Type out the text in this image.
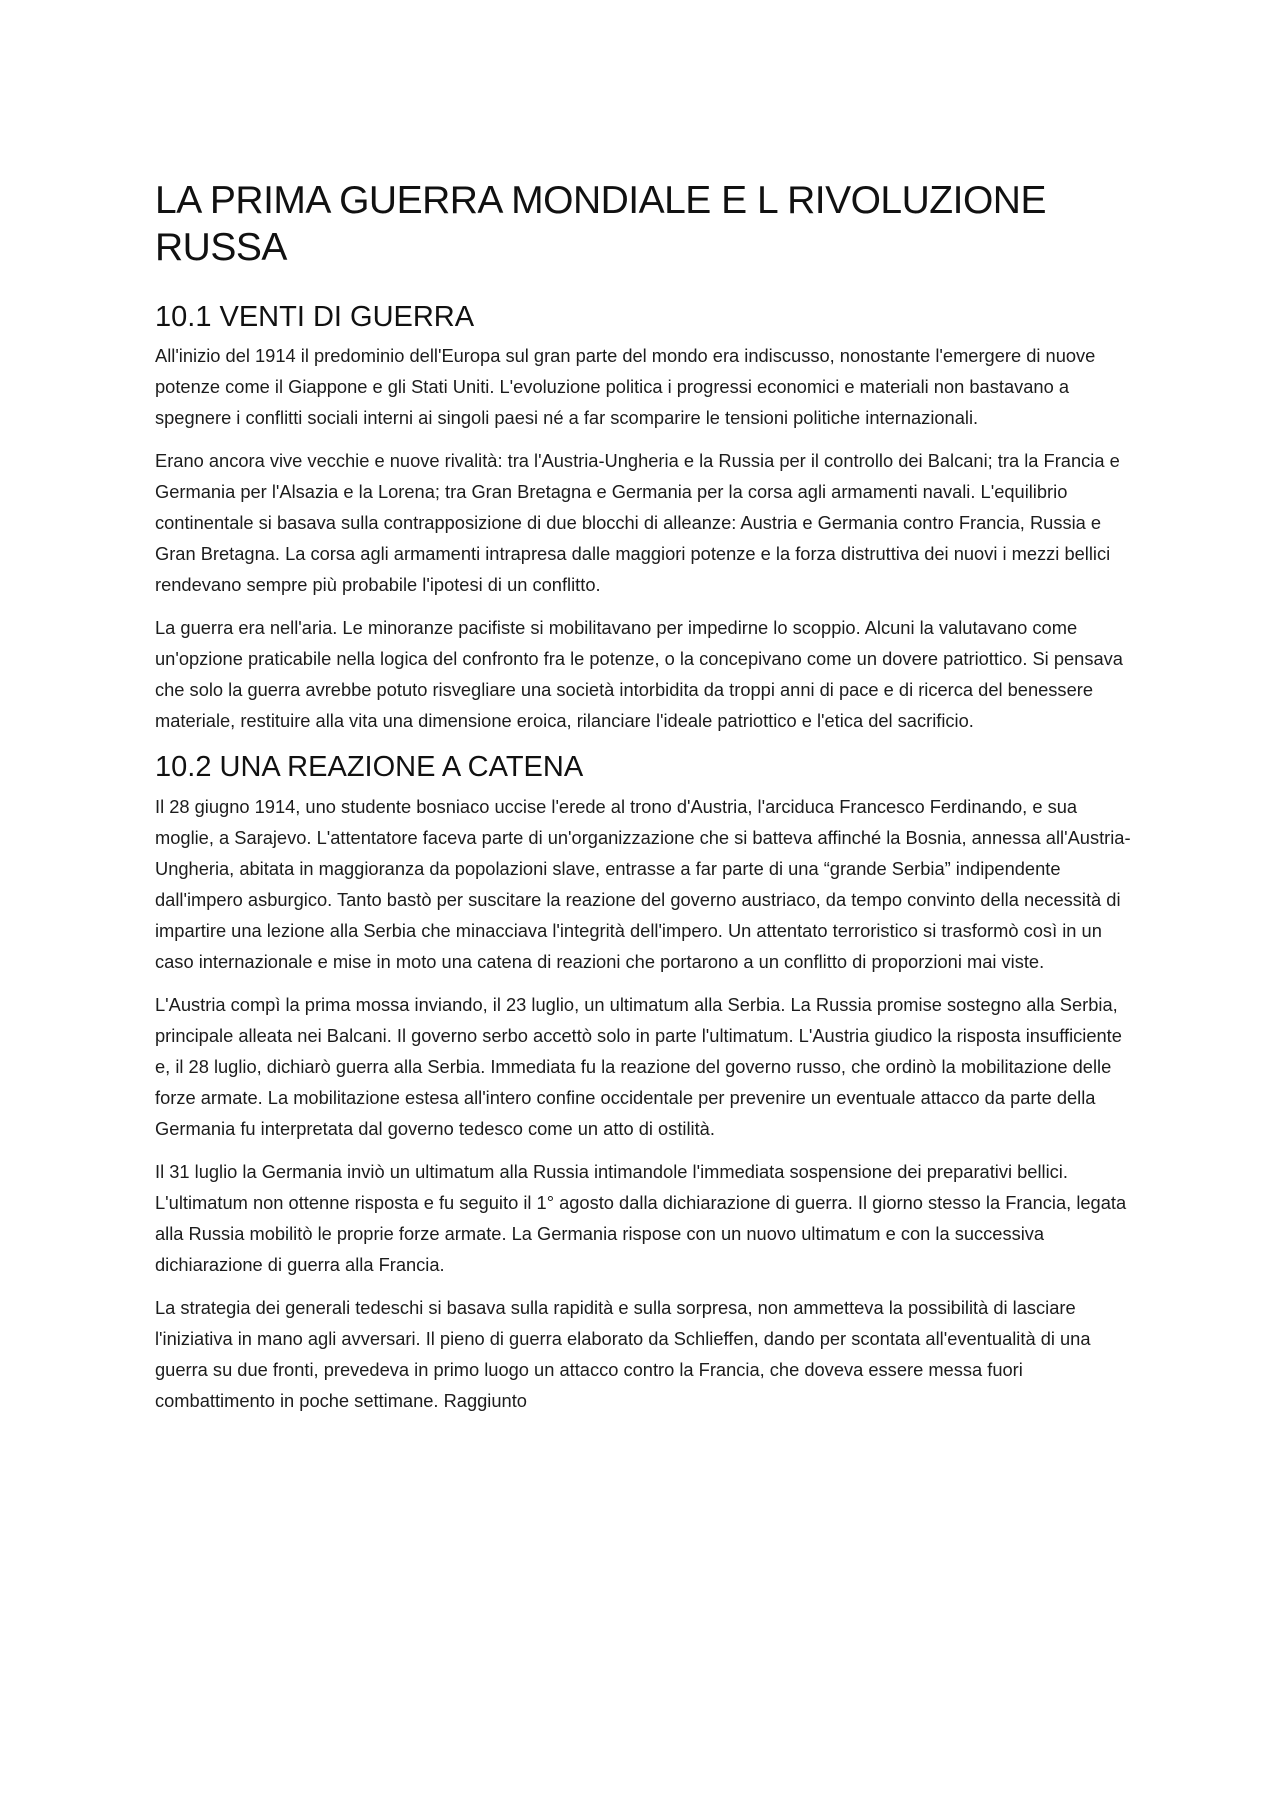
LA PRIMA GUERRA MONDIALE E L RIVOLUZIONE RUSSA
10.1 VENTI DI GUERRA

All'inizio del 1914 il predominio dell'Europa sul gran parte del mondo era indiscusso, nonostante l'emergere di nuove potenze come il Giappone e gli Stati Uniti. L'evoluzione politica i progressi economici e materiali non bastavano a spegnere i conflitti sociali interni ai singoli paesi né a far scomparire le tensioni politiche internazionali.

Erano ancora vive vecchie e nuove rivalità: tra l'Austria-Ungheria e la Russia per il controllo dei Balcani; tra la Francia e Germania per l'Alsazia e la Lorena; tra Gran Bretagna e Germania per la corsa agli armamenti navali. L'equilibrio continentale si basava sulla contrapposizione di due blocchi di alleanze: Austria e Germania contro Francia, Russia e Gran Bretagna. La corsa agli armamenti intrapresa dalle maggiori potenze e la forza distruttiva dei nuovi i mezzi bellici rendevano sempre più probabile l'ipotesi di un conflitto.

La guerra era nell'aria. Le minoranze pacifiste si mobilitavano per impedirne lo scoppio. Alcuni la valutavano come un'opzione praticabile nella logica del confronto fra le potenze, o la concepivano come un dovere patriottico. Si pensava che solo la guerra avrebbe potuto risvegliare una società intorbidita da troppi anni di pace e di ricerca del benessere materiale, restituire alla vita una dimensione eroica, rilanciare l'ideale patriottico e l'etica del sacrificio.

10.2 UNA REAZIONE A CATENA

Il 28 giugno 1914, uno studente bosniaco uccise l'erede al trono d'Austria, l'arciduca Francesco Ferdinando, e sua moglie, a Sarajevo. L'attentatore faceva parte di un'organizzazione che si batteva affinché la Bosnia, annessa all'Austria-Ungheria, abitata in maggioranza da popolazioni slave, entrasse a far parte di una “grande Serbia” indipendente dall'impero asburgico. Tanto bastò per suscitare la reazione del governo austriaco, da tempo convinto della necessità di impartire una lezione alla Serbia che minacciava l'integrità dell'impero. Un attentato terroristico si trasformò così in un caso internazionale e mise in moto una catena di reazioni che portarono a un conflitto di proporzioni mai viste.

L'Austria compì la prima mossa inviando, il 23 luglio, un ultimatum alla Serbia. La Russia promise sostegno alla Serbia, principale alleata nei Balcani. Il governo serbo accettò solo in parte l'ultimatum. L'Austria giudico la risposta insufficiente e, il 28 luglio, dichiarò guerra alla Serbia. Immediata fu la reazione del governo russo, che ordinò la mobilitazione delle forze armate. La mobilitazione estesa all'intero confine occidentale per prevenire un eventuale attacco da parte della Germania fu interpretata dal governo tedesco come un atto di ostilità.

Il 31 luglio la Germania inviò un ultimatum alla Russia intimandole l'immediata sospensione dei preparativi bellici. L'ultimatum non ottenne risposta e fu seguito il 1° agosto dalla dichiarazione di guerra. Il giorno stesso la Francia, legata alla Russia mobilitò le proprie forze armate. La Germania rispose con un nuovo ultimatum e con la successiva dichiarazione di guerra alla Francia.

La strategia dei generali tedeschi si basava sulla rapidità e sulla sorpresa, non ammetteva la possibilità di lasciare l'iniziativa in mano agli avversari. Il pieno di guerra elaborato da Schlieffen, dando per scontata all'eventualità di una guerra su due fronti, prevedeva in primo luogo un attacco contro la Francia, che doveva essere messa fuori combattimento in poche settimane. Raggiunto
